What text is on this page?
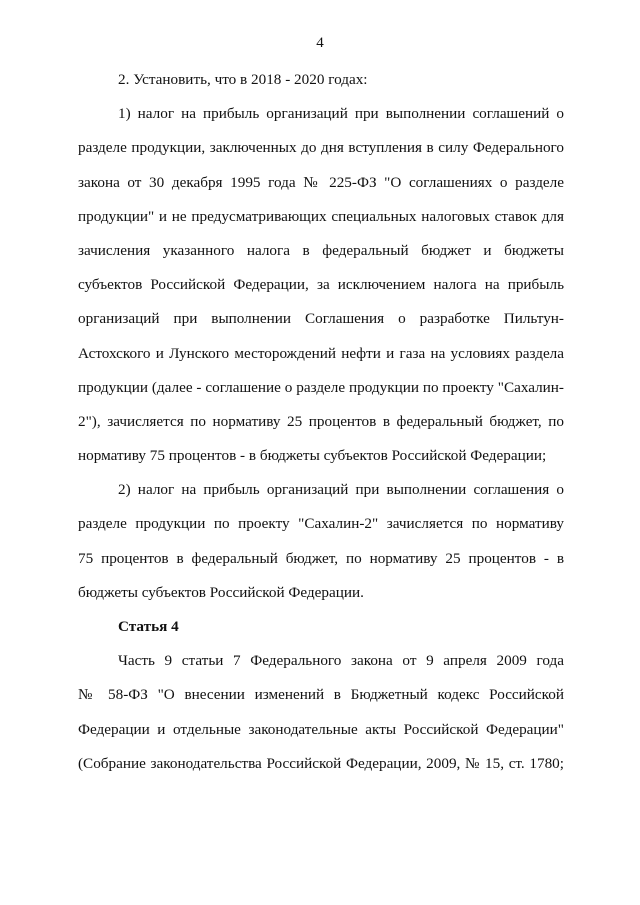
4

2. Установить, что в 2018 - 2020 годах:

1) налог на прибыль организаций при выполнении соглашений о
разделе продукции, заключенных до дня вступления в силу Федерального
закона от 30 декабря 1995 года № 225-ФЗ "О соглашениях о разделе
продукции" и не предусматривающих специальных налоговых ставок для
зачисления указанного налога в федеральный бюджет и бюджеты
субъектов Российской Федерации, за исключением налога на прибыль
организаций при выполнении Соглашения о разработке Пильтун-
Астохского и Лунского месторождений нефти и газа на условиях раздела
продукции (далее - соглашение о разделе продукции по проекту "Сахалин-
2"), зачисляется по нормативу 25 процентов в федеральный бюджет, по
нормативу 75 процентов - в бюджеты субъектов Российской Федерации;

2) налог на прибыль организаций при выполнении соглашения о
разделе продукции по проекту "Сахалин-2" зачисляется по нормативу
75 процентов в федеральный бюджет, по нормативу 25 процентов - в
бюджеты субъектов Российской Федерации.

Статья 4

Часть 9 статьи 7 Федерального закона от 9 апреля 2009 года
№ 58-ФЗ "О внесении изменений в Бюджетный кодекс Российской
Федерации и отдельные законодательные акты Российской Федерации"
(Собрание законодательства Российской Федерации, 2009, № 15, ст. 1780;
